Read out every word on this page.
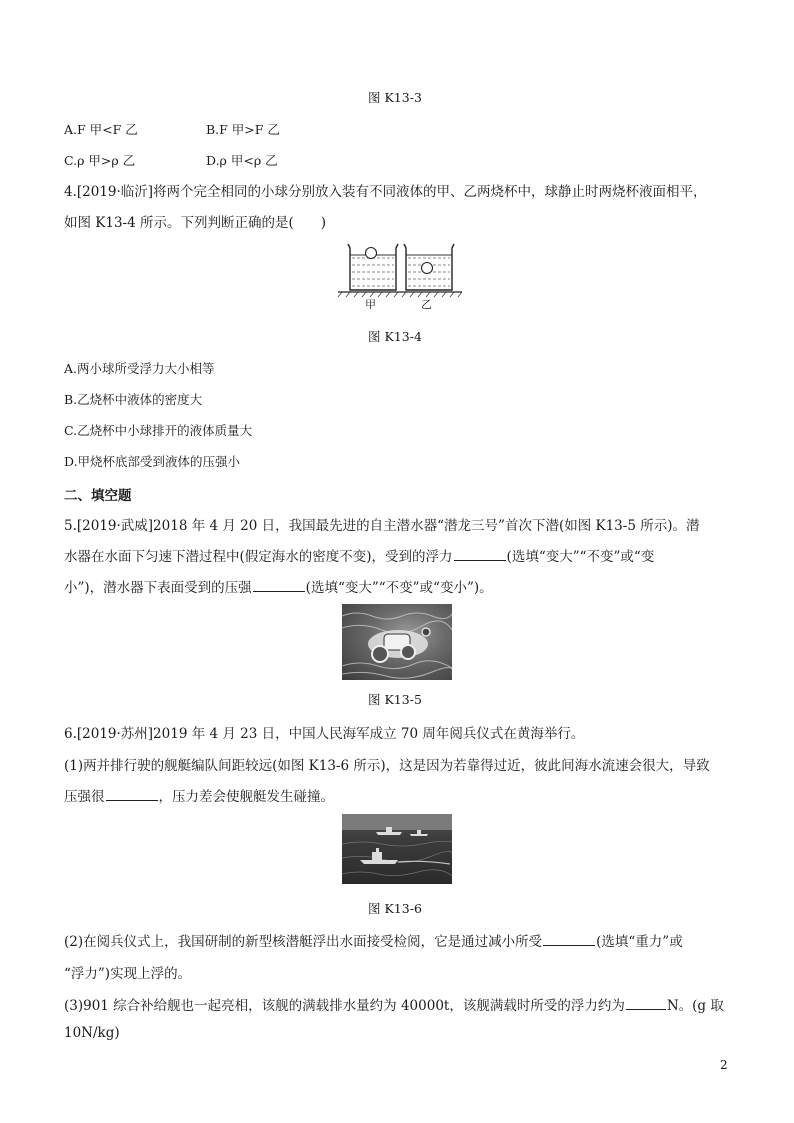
图 K13-3
A.F 甲<F 乙	B.F 甲>F 乙
C.ρ 甲>ρ 乙	D.ρ 甲<ρ 乙
4.[2019·临沂]将两个完全相同的小球分别放入装有不同液体的甲、乙两烧杯中，球静止时两烧杯液面相平，
如图 K13-4 所示。下列判断正确的是(　　)
甲	乙
图 K13-4
A.两小球所受浮力大小相等
B.乙烧杯中液体的密度大
C.乙烧杯中小球排开的液体质量大
D.甲烧杯底部受到液体的压强小
二、填空题
5.[2019·武威]2018 年 4 月 20 日，我国最先进的自主潜水器“潜龙三号”首次下潜(如图 K13-5 所示)。潜
水器在水面下匀速下潜过程中(假定海水的密度不变)，受到的浮力	(选填“变大”“不变”或“变
小”)，潜水器下表面受到的压强	(选填“变大”“不变”或“变小”)。
图 K13-5
6.[2019·苏州]2019 年 4 月 23 日，中国人民海军成立 70 周年阅兵仪式在黄海举行。
(1)两并排行驶的舰艇编队间距较远(如图 K13-6 所示)，这是因为若靠得过近，彼此间海水流速会很大，导致
压强很	，压力差会使舰艇发生碰撞。
图 K13-6
(2)在阅兵仪式上，我国研制的新型核潜艇浮出水面接受检阅，它是通过减小所受	(选填“重力”或
“浮力”)实现上浮的。
(3)901 综合补给舰也一起亮相，该舰的满载排水量约为 40000t，该舰满载时所受的浮力约为	N。(g 取
10N/kg)
2
